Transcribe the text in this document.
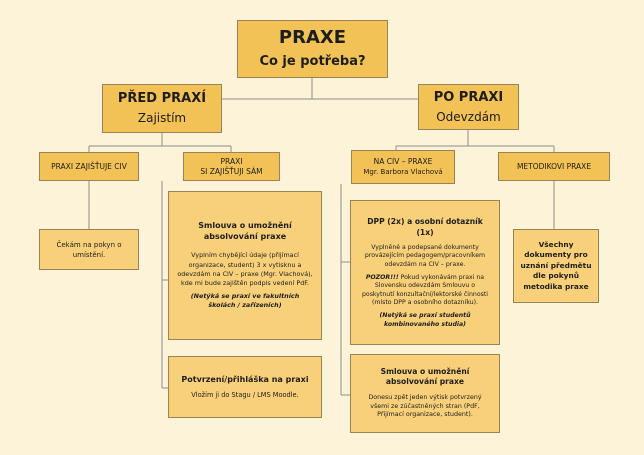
PRAXE
Co je potřeba?
PŘED PRAXÍ
Zajistím
PO PRAXI
Odevzdám
PRAXI ZAJIŠŤUJE CIV
PRAXI
SI ZAJIŠŤUJI SÁM
Čekám na pokyn o umístění.
Smlouva o umožnění absolvování praxe
Vyplním chybějící údaje (přijímací organizace, student) 3 x vytisknu a odevzdám na CIV – praxe (Mgr. Vlachová), kde mi bude zajištěn podpis vedení PdF.
(Netýká se praxí ve fakultních školách / zařízeních)
Potvrzení/přihláška na praxi
Vložím ji do Stagu / LMS Moodle.
NA CIV – PRAXE
Mgr. Barbora Vlachová
METODIKOVI PRAXE
DPP (2x) a osobní dotazník (1x)
Vyplněné a podepsané dokumenty provázejícím pedagogem/pracovníkem odevzdám na CIV – praxe.

POZOR!!! Pokud vykonávám praxi na Slovensku odevzdám Smlouvu o poskytnutí konzultační/lektorské činnosti (místo DPP a osobního dotazníku).

(Netýká se praxí studentů kombinovaného studia)
Smlouva o umožnění absolvování praxe
Donesu zpět jeden výtisk potvrzený všemi ze zúčastněných stran (PdF, Přijímací organizace, student).
Všechny dokumenty pro uznání předmětu dle pokynů metodika praxe
